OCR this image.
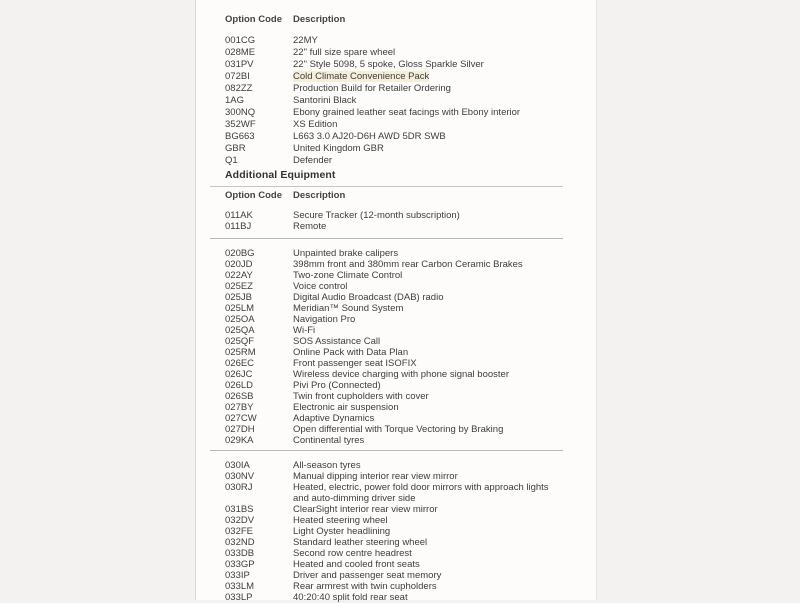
Option Code	Description
001CG	22MY
028ME	22" full size spare wheel
031PV	22" Style 5098, 5 spoke, Gloss Sparkle Silver
072BI	Cold Climate Convenience Pack
082ZZ	Production Build for Retailer Ordering
1AG	Santorini Black
300NQ	Ebony grained leather seat facings with Ebony interior
352WF	XS Edition
BG663	L663 3.0 AJ20-D6H AWD 5DR SWB
GBR	United Kingdom GBR
Q1	Defender
Additional Equipment
Option Code	Description
011AK	Secure Tracker (12-month subscription)
011BJ	Remote
020BG	Unpainted brake calipers
020JD	398mm front and 380mm rear Carbon Ceramic Brakes
022AY	Two-zone Climate Control
025EZ	Voice control
025JB	Digital Audio Broadcast (DAB) radio
025LM	Meridian™ Sound System
025OA	Navigation Pro
025QA	Wi-Fi
025QF	SOS Assistance Call
025RM	Online Pack with Data Plan
026EC	Front passenger seat ISOFIX
026JC	Wireless device charging with phone signal booster
026LD	Pivi Pro (Connected)
026SB	Twin front cupholders with cover
027BY	Electronic air suspension
027CW	Adaptive Dynamics
027DH	Open differential with Torque Vectoring by Braking
029KA	Continental tyres
030IA	All-season tyres
030NV	Manual dipping interior rear view mirror
030RJ	Heated, electric, power fold door mirrors with approach lights and auto-dimming driver side
031BS	ClearSight interior rear view mirror
032DV	Heated steering wheel
032FE	Light Oyster headlining
032ND	Standard leather steering wheel
033DB	Second row centre headrest
033GP	Heated and cooled front seats
033IP	Driver and passenger seat memory
033LM	Rear armrest with twin cupholders
033LP	40:20:40 split fold rear seat
